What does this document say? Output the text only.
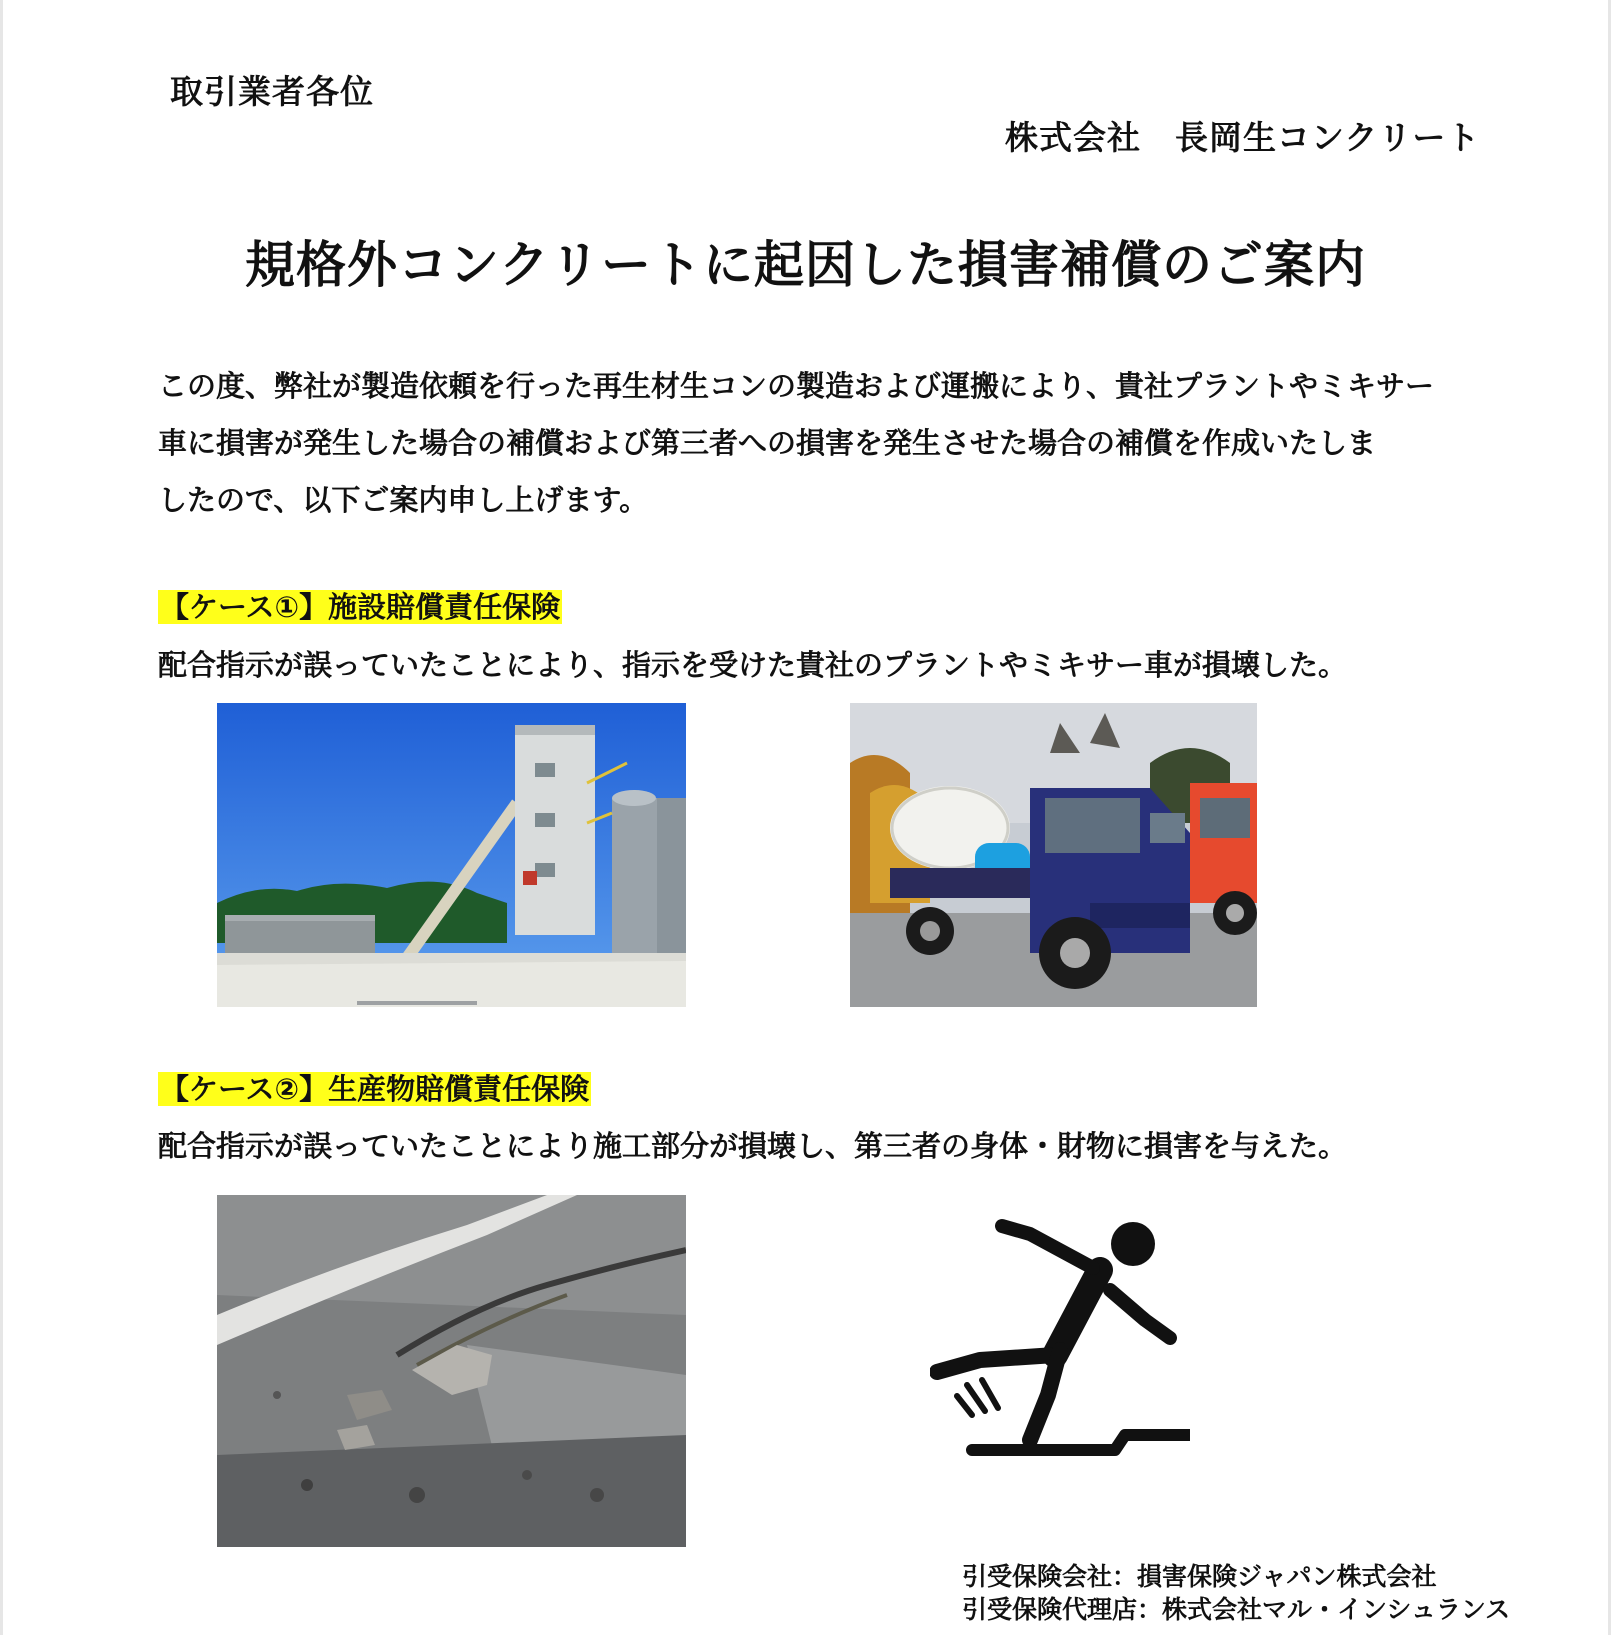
取引業者各位
株式会社　長岡生コンクリート
規格外コンクリートに起因した損害補償のご案内
この度、弊社が製造依頼を行った再生材生コンの製造および運搬により、貴社プラントやミキサー
車に損害が発生した場合の補償および第三者への損害を発生させた場合の補償を作成いたしま
したので、以下ご案内申し上げます。
【ケース①】施設賠償責任保険
配合指示が誤っていたことにより、指示を受けた貴社のプラントやミキサー車が損壊した。
【ケース②】生産物賠償責任保険
配合指示が誤っていたことにより施工部分が損壊し、第三者の身体・財物に損害を与えた。
引受保険会社：損害保険ジャパン株式会社
引受保険代理店：株式会社マル・インシュランス
